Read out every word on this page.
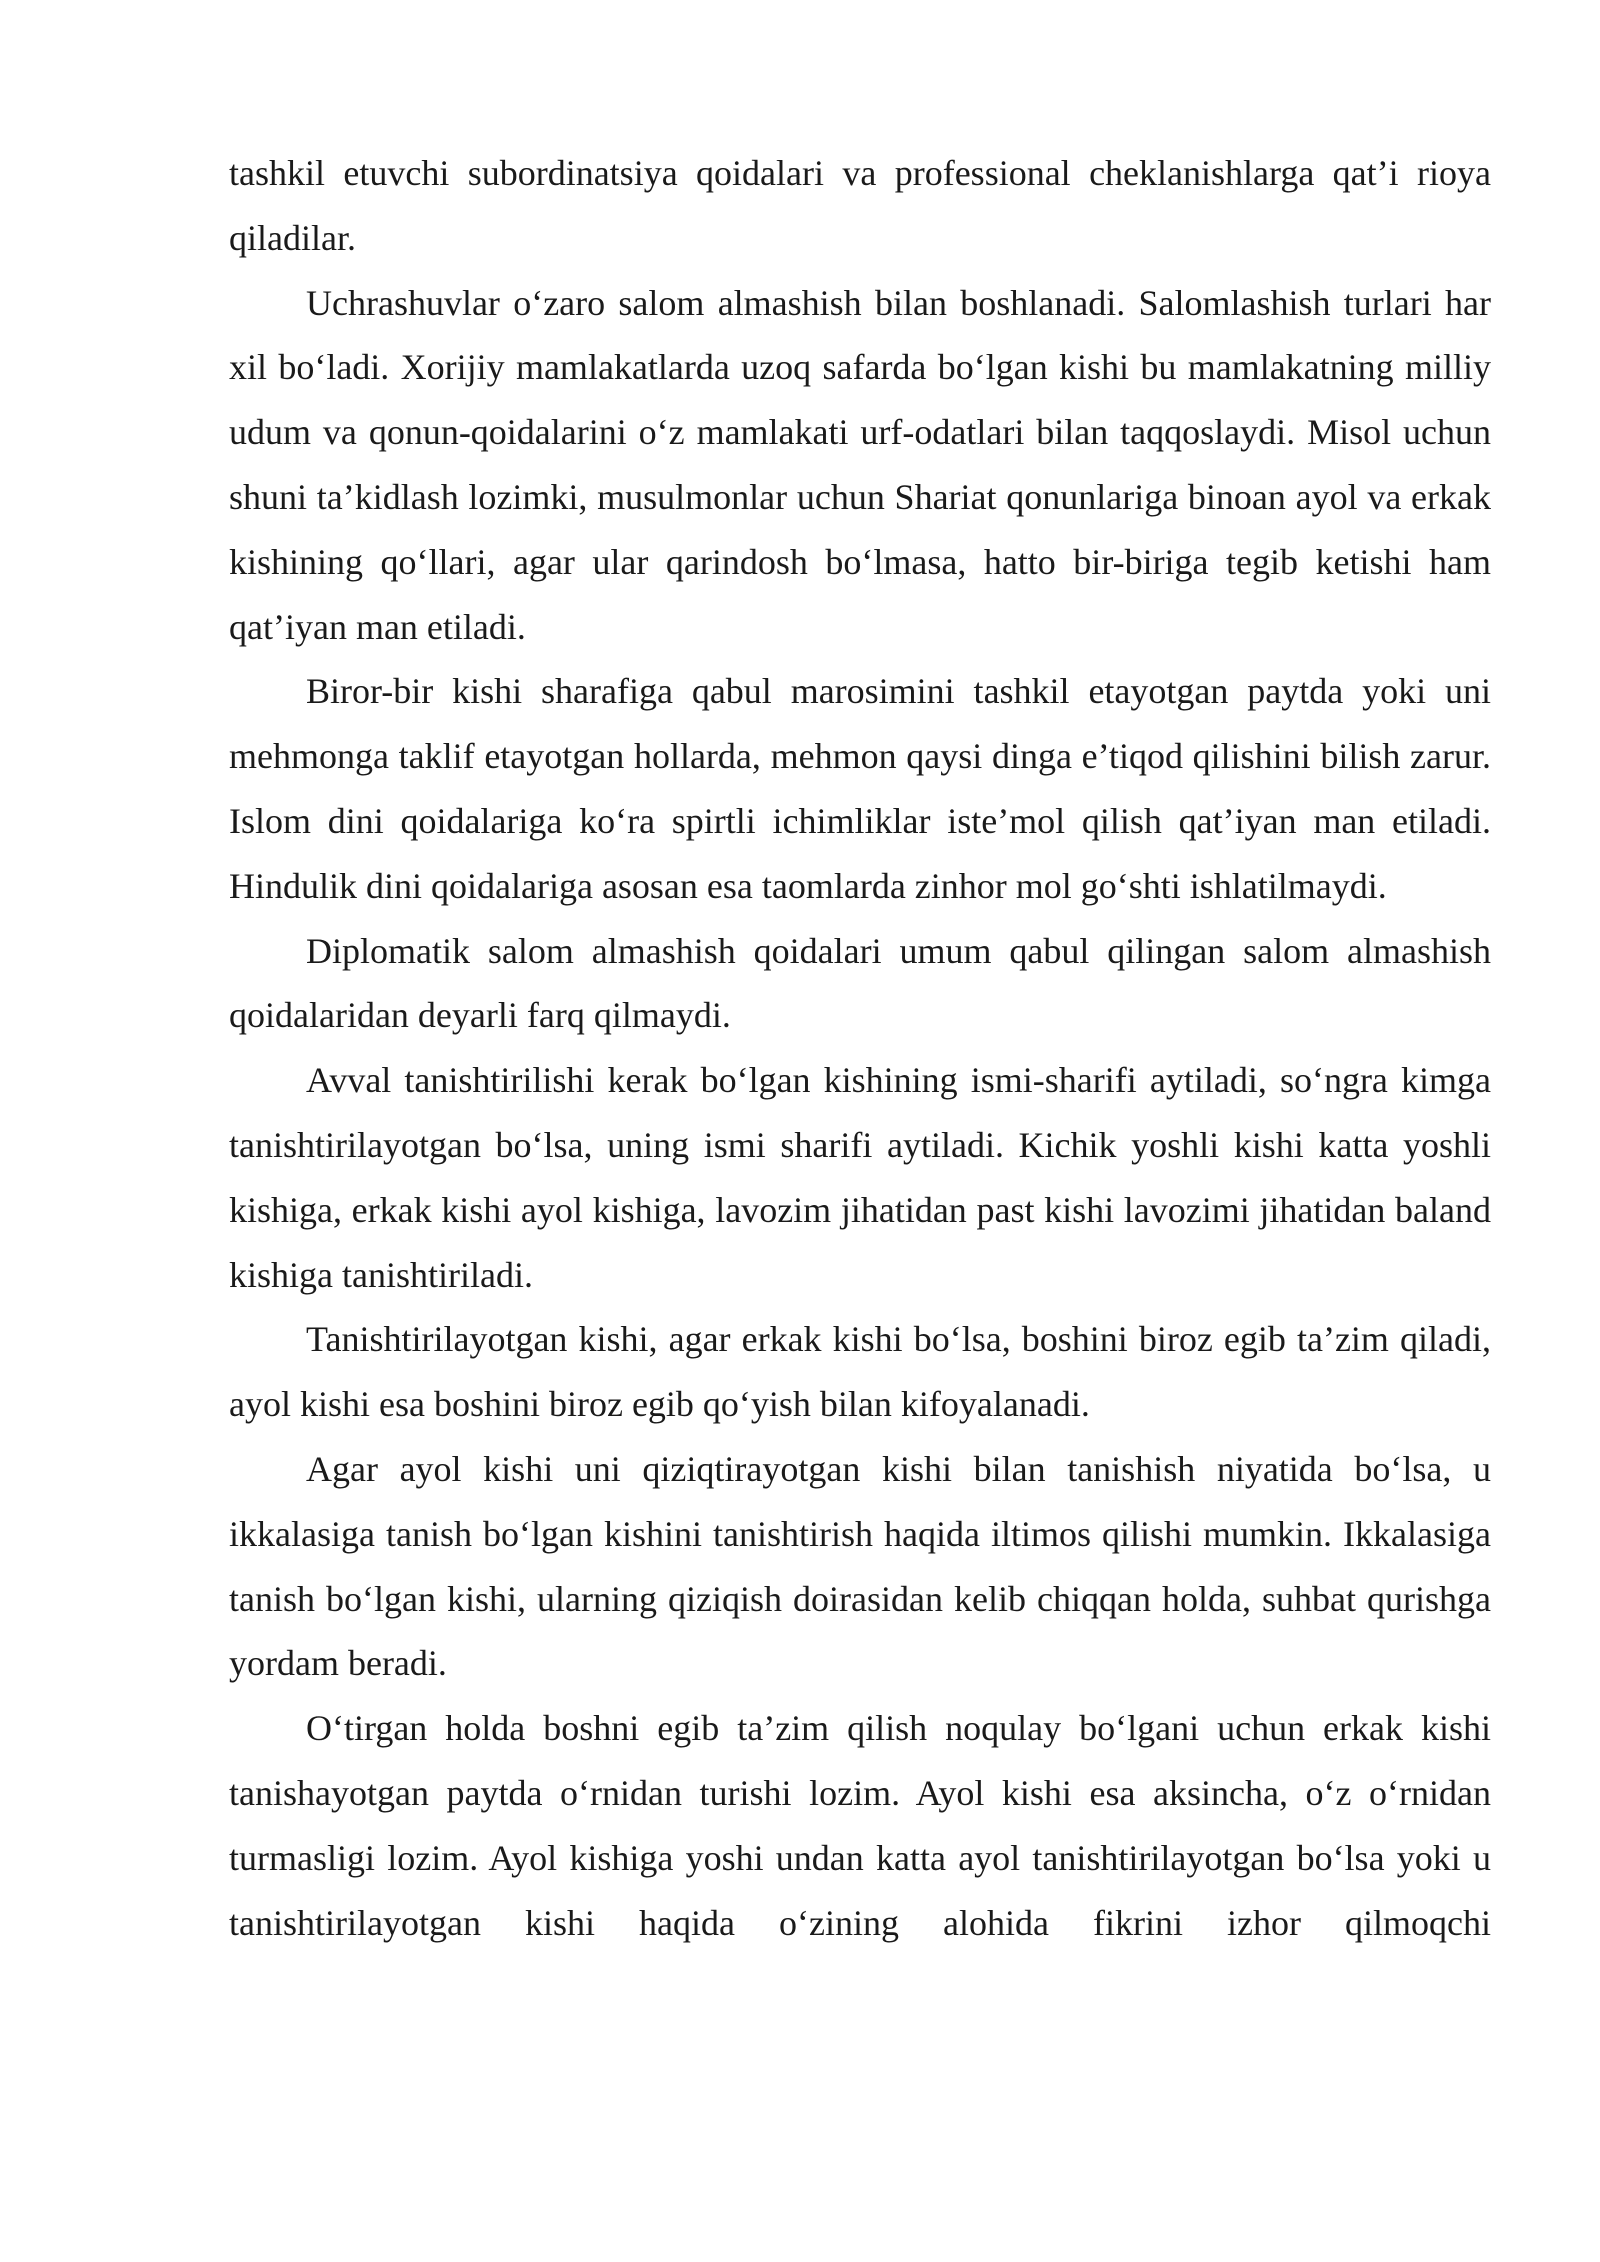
tashkil etuvchi subordinatsiya qoidalari va professional cheklanishlarga qat’i rioya qiladilar.

Uchrashuvlar o‘zaro salom almashish bilan boshlanadi. Salomlashish turlari har xil bo‘ladi. Xorijiy mamlakatlarda uzoq safarda bo‘lgan kishi bu mamlakatning milliy udum va qonun-qoidalarini o‘z mamlakati urf-odatlari bilan taqqoslaydi. Misol uchun shuni ta’kidlash lozimki, musulmonlar uchun Shariat qonunlariga binoan ayol va erkak kishining qo‘llari, agar ular qarindosh bo‘lmasa, hatto bir-biriga tegib ketishi ham qat’iyan man etiladi.

Biror-bir kishi sharafiga qabul marosimini tashkil etayotgan paytda yoki uni mehmonga taklif etayotgan hollarda, mehmon qaysi dinga e’tiqod qilishini bilish zarur. Islom dini qoidalariga ko‘ra spirtli ichimliklar iste’mol qilish qat’iyan man etiladi. Hindulik dini qoidalariga asosan esa taomlarda zinhor mol go‘shti ishlatilmaydi.

Diplomatik salom almashish qoidalari umum qabul qilingan salom almashish qoidalaridan deyarli farq qilmaydi.

Avval tanishtirilishi kerak bo‘lgan kishining ismi-sharifi aytiladi, so‘ngra kimga tanishtirilayotgan bo‘lsa, uning ismi sharifi aytiladi. Kichik yoshli kishi katta yoshli kishiga, erkak kishi ayol kishiga, lavozim jihatidan past kishi lavozimi jihatidan baland kishiga tanishtiriladi.

Tanishtirilayotgan kishi, agar erkak kishi bo‘lsa, boshini biroz egib ta’zim qiladi, ayol kishi esa boshini biroz egib qo‘yish bilan kifoyalanadi.

Agar ayol kishi uni qiziqtirayotgan kishi bilan tanishish niyatida bo‘lsa, u ikkalasiga tanish bo‘lgan kishini tanishtirish haqida iltimos qilishi mumkin. Ikkalasiga tanish bo‘lgan kishi, ularning qiziqish doirasidan kelib chiqqan holda, suhbat qurishga yordam beradi.

O‘tirgan holda boshni egib ta’zim qilish noqulay bo‘lgani uchun erkak kishi tanishayotgan paytda o‘rnidan turishi lozim. Ayol kishi esa aksincha, o‘z o‘rnidan turmasligi lozim. Ayol kishiga yoshi undan katta ayol tanishtirilayotgan bo‘lsa yoki u tanishtirilayotgan kishi haqida o‘zining alohida fikrini izhor qilmoqchi
